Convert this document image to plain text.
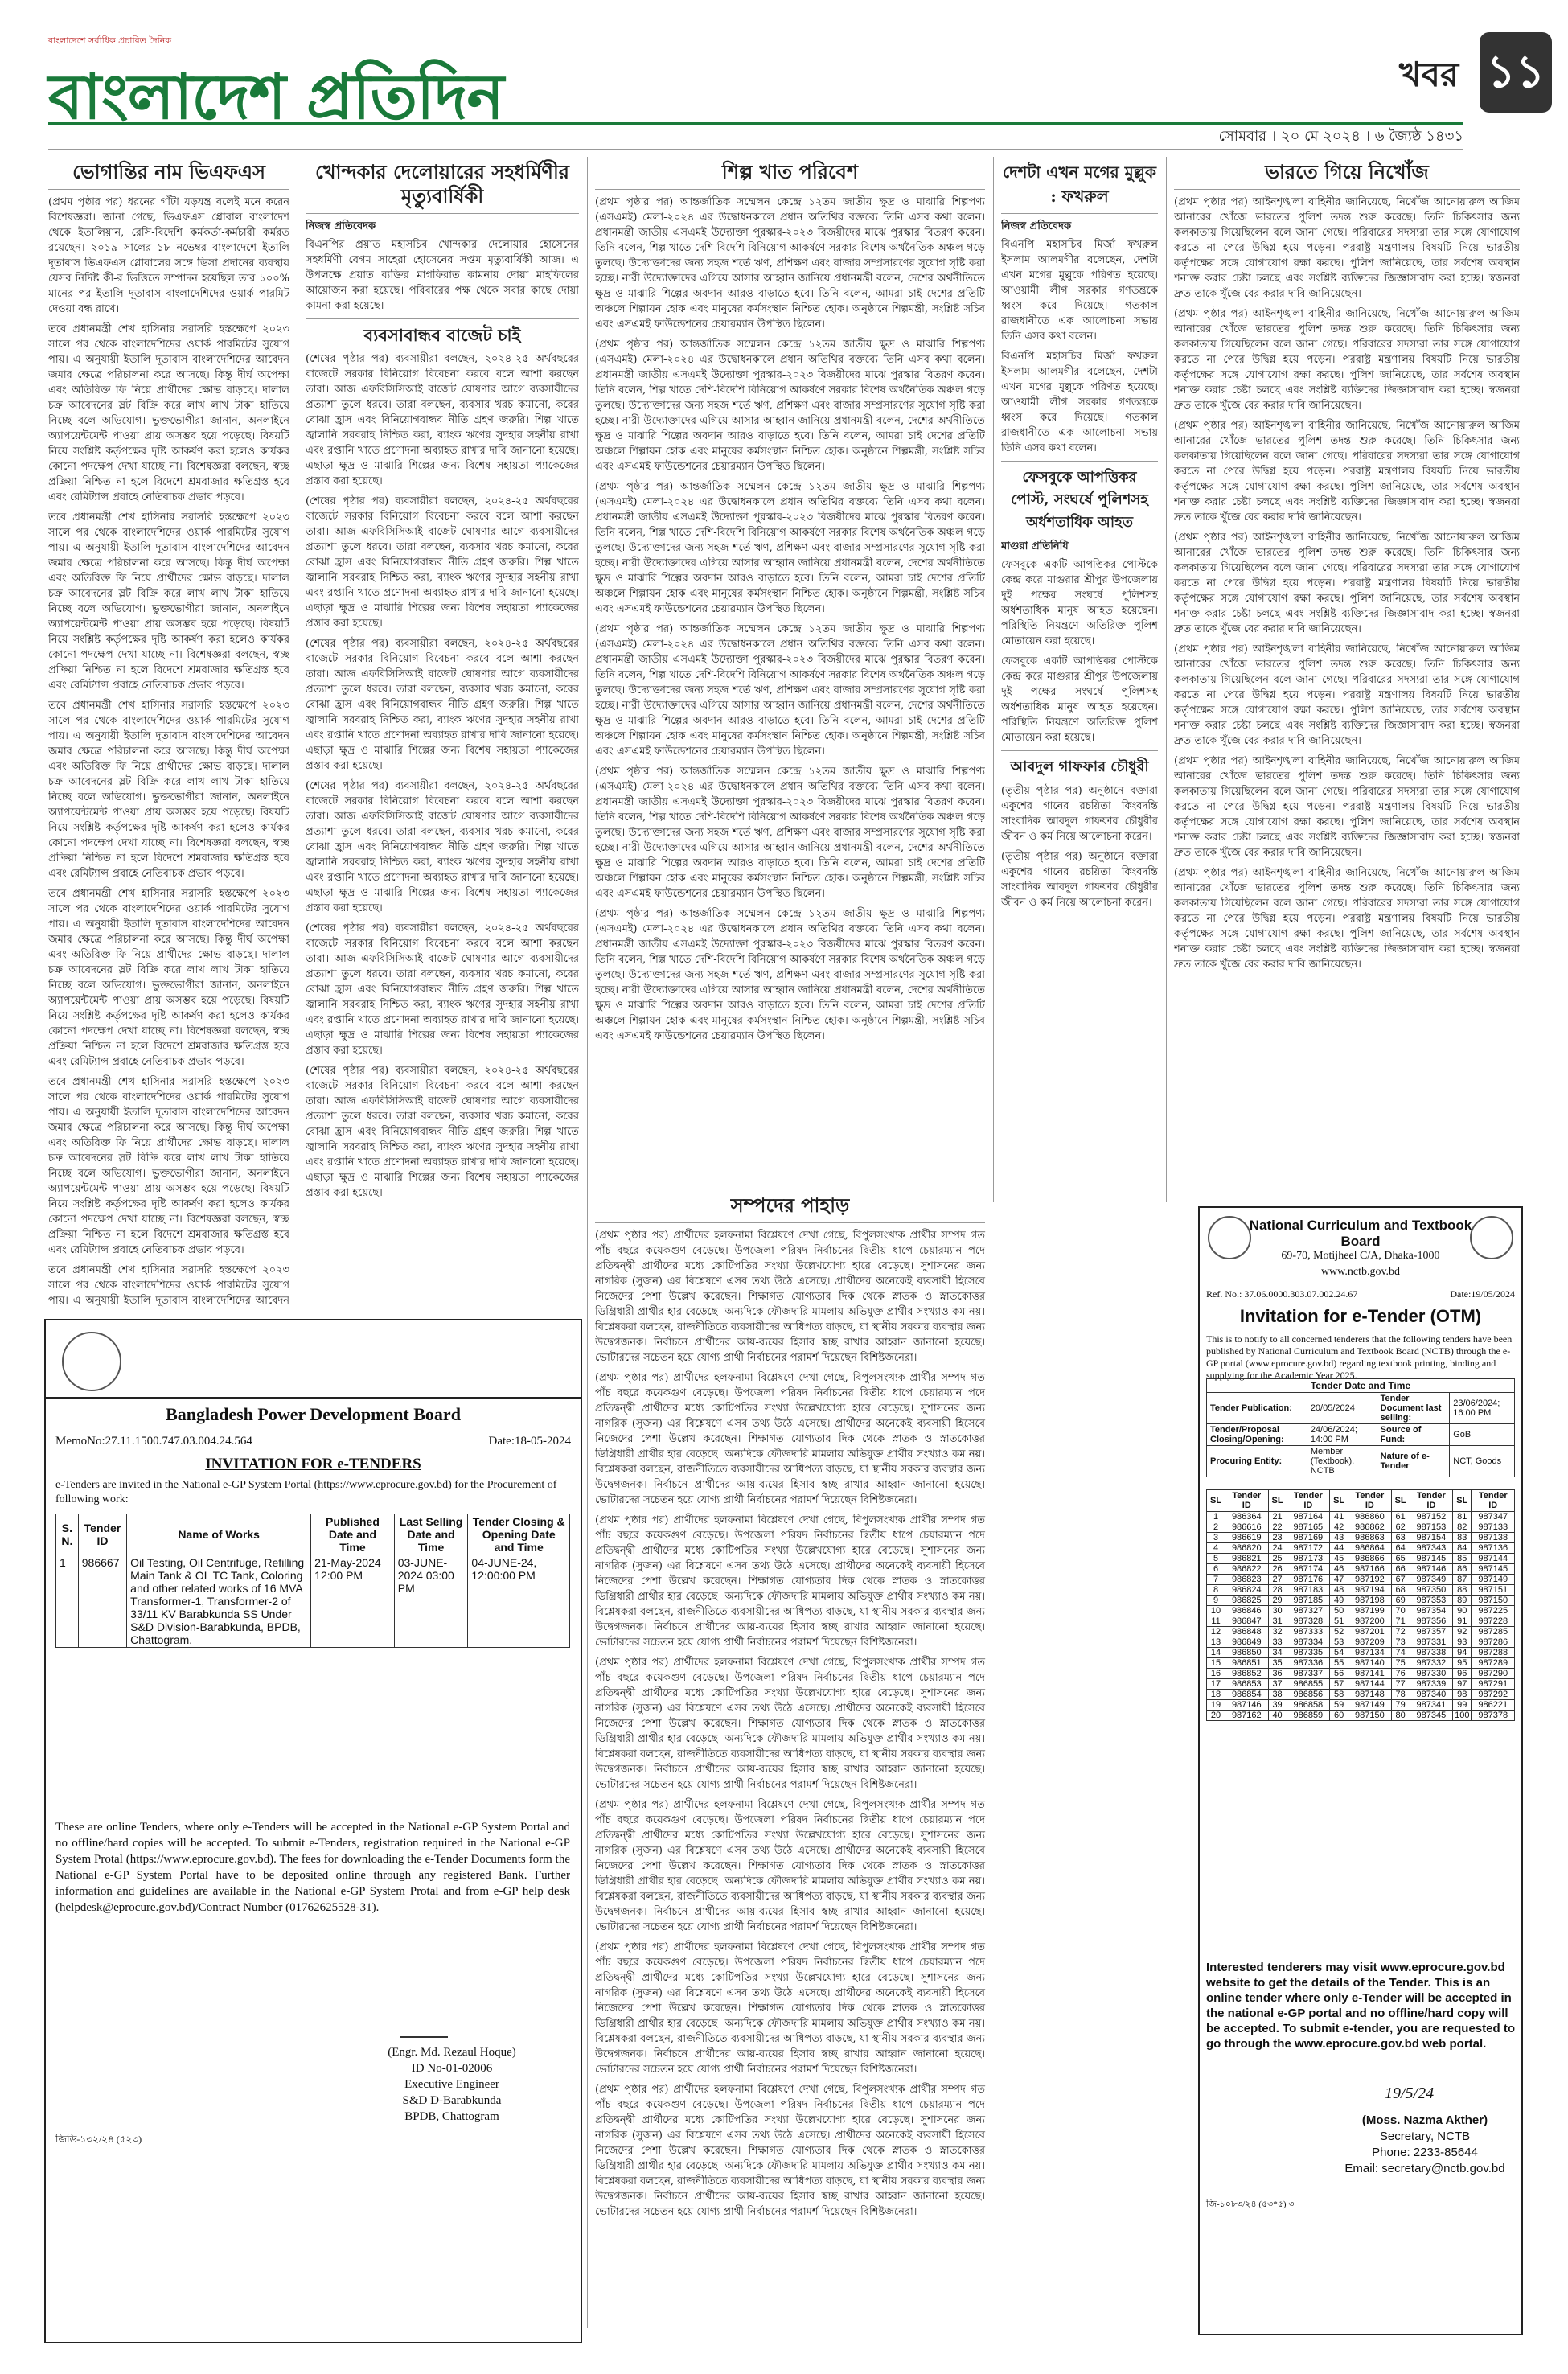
বাংলাদেশে সর্বাধিক প্রচারিত দৈনিক
বাংলাদেশ প্রতিদিন	খবর ১১
সোমবার । ২০ মে ২০২৪ । ৬ জ্যৈষ্ঠ ১৪৩১
ভোগান্তির নাম ভিএফএস

(প্রথম পৃষ্ঠার পর) ধরনের গাঁটা যড়যন্ত্র বলেই মনে করেন বিশেষজ্ঞরা। জানা গেছে, ভিএফএস গ্লোবাল বাংলাদেশ থেকে ইতালিয়ান, রেসি-বিদেশি কর্মকর্তা-কর্মচারী কর্মরত রয়েছেন। ২০১৯ সালের ১৮ নভেম্বর বাংলাদেশে ইতালি দূতাবাস ভিএফএস গ্লোবালের সঙ্গে ভিসা প্রদানের ব্যবস্থায় যেসব নির্দিষ্ট কী-র ভিত্তিতে সম্পাদন হয়েছিল তার ১০০% মানের পর ইতালি দূতাবাস বাংলাদেশিদের ওয়ার্ক পারমিট দেওয়া বন্ধ রাখে।

তবে প্রধানমন্ত্রী শেখ হাসিনার সরাসরি হস্তক্ষেপে ২০২৩ সালে পর থেকে বাংলাদেশিদের ওয়ার্ক পারমিটের সুযোগ পায়। এ অনুযায়ী ইতালি দূতাবাস বাংলাদেশিদের আবেদন জমার ক্ষেত্রে পরিচালনা করে আসছে। কিন্তু দীর্ঘ অপেক্ষা এবং অতিরিক্ত ফি নিয়ে প্রার্থীদের ক্ষোভ বাড়ছে। দালাল চক্র আবেদনের স্লট বিক্রি করে লাখ লাখ টাকা হাতিয়ে নিচ্ছে বলে অভিযোগ। ভুক্তভোগীরা জানান, অনলাইনে অ্যাপয়েন্টমেন্ট পাওয়া প্রায় অসম্ভব হয়ে পড়েছে। বিষয়টি নিয়ে সংশ্লিষ্ট কর্তৃপক্ষের দৃষ্টি আকর্ষণ করা হলেও কার্যকর কোনো পদক্ষেপ দেখা যাচ্ছে না। বিশেষজ্ঞরা বলছেন, স্বচ্ছ প্রক্রিয়া নিশ্চিত না হলে বিদেশে শ্রমবাজার ক্ষতিগ্রস্ত হবে এবং রেমিট্যান্স প্রবাহে নেতিবাচক প্রভাব পড়বে।

তবে প্রধানমন্ত্রী শেখ হাসিনার সরাসরি হস্তক্ষেপে ২০২৩ সালে পর থেকে বাংলাদেশিদের ওয়ার্ক পারমিটের সুযোগ পায়। এ অনুযায়ী ইতালি দূতাবাস বাংলাদেশিদের আবেদন জমার ক্ষেত্রে পরিচালনা করে আসছে। কিন্তু দীর্ঘ অপেক্ষা এবং অতিরিক্ত ফি নিয়ে প্রার্থীদের ক্ষোভ বাড়ছে। দালাল চক্র আবেদনের স্লট বিক্রি করে লাখ লাখ টাকা হাতিয়ে নিচ্ছে বলে অভিযোগ। ভুক্তভোগীরা জানান, অনলাইনে অ্যাপয়েন্টমেন্ট পাওয়া প্রায় অসম্ভব হয়ে পড়েছে। বিষয়টি নিয়ে সংশ্লিষ্ট কর্তৃপক্ষের দৃষ্টি আকর্ষণ করা হলেও কার্যকর কোনো পদক্ষেপ দেখা যাচ্ছে না। বিশেষজ্ঞরা বলছেন, স্বচ্ছ প্রক্রিয়া নিশ্চিত না হলে বিদেশে শ্রমবাজার ক্ষতিগ্রস্ত হবে এবং রেমিট্যান্স প্রবাহে নেতিবাচক প্রভাব পড়বে।

তবে প্রধানমন্ত্রী শেখ হাসিনার সরাসরি হস্তক্ষেপে ২০২৩ সালে পর থেকে বাংলাদেশিদের ওয়ার্ক পারমিটের সুযোগ পায়। এ অনুযায়ী ইতালি দূতাবাস বাংলাদেশিদের আবেদন জমার ক্ষেত্রে পরিচালনা করে আসছে। কিন্তু দীর্ঘ অপেক্ষা এবং অতিরিক্ত ফি নিয়ে প্রার্থীদের ক্ষোভ বাড়ছে। দালাল চক্র আবেদনের স্লট বিক্রি করে লাখ লাখ টাকা হাতিয়ে নিচ্ছে বলে অভিযোগ। ভুক্তভোগীরা জানান, অনলাইনে অ্যাপয়েন্টমেন্ট পাওয়া প্রায় অসম্ভব হয়ে পড়েছে। বিষয়টি নিয়ে সংশ্লিষ্ট কর্তৃপক্ষের দৃষ্টি আকর্ষণ করা হলেও কার্যকর কোনো পদক্ষেপ দেখা যাচ্ছে না। বিশেষজ্ঞরা বলছেন, স্বচ্ছ প্রক্রিয়া নিশ্চিত না হলে বিদেশে শ্রমবাজার ক্ষতিগ্রস্ত হবে এবং রেমিট্যান্স প্রবাহে নেতিবাচক প্রভাব পড়বে।

তবে প্রধানমন্ত্রী শেখ হাসিনার সরাসরি হস্তক্ষেপে ২০২৩ সালে পর থেকে বাংলাদেশিদের ওয়ার্ক পারমিটের সুযোগ পায়। এ অনুযায়ী ইতালি দূতাবাস বাংলাদেশিদের আবেদন জমার ক্ষেত্রে পরিচালনা করে আসছে। কিন্তু দীর্ঘ অপেক্ষা এবং অতিরিক্ত ফি নিয়ে প্রার্থীদের ক্ষোভ বাড়ছে। দালাল চক্র আবেদনের স্লট বিক্রি করে লাখ লাখ টাকা হাতিয়ে নিচ্ছে বলে অভিযোগ। ভুক্তভোগীরা জানান, অনলাইনে অ্যাপয়েন্টমেন্ট পাওয়া প্রায় অসম্ভব হয়ে পড়েছে। বিষয়টি নিয়ে সংশ্লিষ্ট কর্তৃপক্ষের দৃষ্টি আকর্ষণ করা হলেও কার্যকর কোনো পদক্ষেপ দেখা যাচ্ছে না। বিশেষজ্ঞরা বলছেন, স্বচ্ছ প্রক্রিয়া নিশ্চিত না হলে বিদেশে শ্রমবাজার ক্ষতিগ্রস্ত হবে এবং রেমিট্যান্স প্রবাহে নেতিবাচক প্রভাব পড়বে।

তবে প্রধানমন্ত্রী শেখ হাসিনার সরাসরি হস্তক্ষেপে ২০২৩ সালে পর থেকে বাংলাদেশিদের ওয়ার্ক পারমিটের সুযোগ পায়। এ অনুযায়ী ইতালি দূতাবাস বাংলাদেশিদের আবেদন জমার ক্ষেত্রে পরিচালনা করে আসছে। কিন্তু দীর্ঘ অপেক্ষা এবং অতিরিক্ত ফি নিয়ে প্রার্থীদের ক্ষোভ বাড়ছে। দালাল চক্র আবেদনের স্লট বিক্রি করে লাখ লাখ টাকা হাতিয়ে নিচ্ছে বলে অভিযোগ। ভুক্তভোগীরা জানান, অনলাইনে অ্যাপয়েন্টমেন্ট পাওয়া প্রায় অসম্ভব হয়ে পড়েছে। বিষয়টি নিয়ে সংশ্লিষ্ট কর্তৃপক্ষের দৃষ্টি আকর্ষণ করা হলেও কার্যকর কোনো পদক্ষেপ দেখা যাচ্ছে না। বিশেষজ্ঞরা বলছেন, স্বচ্ছ প্রক্রিয়া নিশ্চিত না হলে বিদেশে শ্রমবাজার ক্ষতিগ্রস্ত হবে এবং রেমিট্যান্স প্রবাহে নেতিবাচক প্রভাব পড়বে।

তবে প্রধানমন্ত্রী শেখ হাসিনার সরাসরি হস্তক্ষেপে ২০২৩ সালে পর থেকে বাংলাদেশিদের ওয়ার্ক পারমিটের সুযোগ পায়। এ অনুযায়ী ইতালি দূতাবাস বাংলাদেশিদের আবেদন

খোন্দকার দেলোয়ারের সহধর্মিণীর মৃত্যুবার্ষিকী
নিজস্ব প্রতিবেদক

বিএনপির প্রয়াত মহাসচিব খোন্দকার দেলোয়ার হোসেনের সহধর্মিণী বেগম সাহেরা হোসেনের সপ্তম মৃত্যুবার্ষিকী আজ। এ উপলক্ষে প্রয়াত ব্যক্তির মাগফিরাত কামনায় দোয়া মাহফিলের আয়োজন করা হয়েছে। পরিবারের পক্ষ থেকে সবার কাছে দোয়া কামনা করা হয়েছে।

ব্যবসাবান্ধব বাজেট চাই

(শেষের পৃষ্ঠার পর) ব্যবসায়ীরা বলছেন, ২০২৪-২৫ অর্থবছরের বাজেটে সরকার বিনিয়োগ বিবেচনা করবে বলে আশা করছেন তারা। আজ এফবিসিসিআই বাজেট ঘোষণার আগে ব্যবসায়ীদের প্রত্যাশা তুলে ধরবে। তারা বলছেন, ব্যবসার খরচ কমানো, করের বোঝা হ্রাস এবং বিনিয়োগবান্ধব নীতি গ্রহণ জরুরি। শিল্প খাতে জ্বালানি সরবরাহ নিশ্চিত করা, ব্যাংক ঋণের সুদহার সহনীয় রাখা এবং রপ্তানি খাতে প্রণোদনা অব্যাহত রাখার দাবি জানানো হয়েছে। এছাড়া ক্ষুদ্র ও মাঝারি শিল্পের জন্য বিশেষ সহায়তা প্যাকেজের প্রস্তাব করা হয়েছে।

(শেষের পৃষ্ঠার পর) ব্যবসায়ীরা বলছেন, ২০২৪-২৫ অর্থবছরের বাজেটে সরকার বিনিয়োগ বিবেচনা করবে বলে আশা করছেন তারা। আজ এফবিসিসিআই বাজেট ঘোষণার আগে ব্যবসায়ীদের প্রত্যাশা তুলে ধরবে। তারা বলছেন, ব্যবসার খরচ কমানো, করের বোঝা হ্রাস এবং বিনিয়োগবান্ধব নীতি গ্রহণ জরুরি। শিল্প খাতে জ্বালানি সরবরাহ নিশ্চিত করা, ব্যাংক ঋণের সুদহার সহনীয় রাখা এবং রপ্তানি খাতে প্রণোদনা অব্যাহত রাখার দাবি জানানো হয়েছে। এছাড়া ক্ষুদ্র ও মাঝারি শিল্পের জন্য বিশেষ সহায়তা প্যাকেজের প্রস্তাব করা হয়েছে।

(শেষের পৃষ্ঠার পর) ব্যবসায়ীরা বলছেন, ২০২৪-২৫ অর্থবছরের বাজেটে সরকার বিনিয়োগ বিবেচনা করবে বলে আশা করছেন তারা। আজ এফবিসিসিআই বাজেট ঘোষণার আগে ব্যবসায়ীদের প্রত্যাশা তুলে ধরবে। তারা বলছেন, ব্যবসার খরচ কমানো, করের বোঝা হ্রাস এবং বিনিয়োগবান্ধব নীতি গ্রহণ জরুরি। শিল্প খাতে জ্বালানি সরবরাহ নিশ্চিত করা, ব্যাংক ঋণের সুদহার সহনীয় রাখা এবং রপ্তানি খাতে প্রণোদনা অব্যাহত রাখার দাবি জানানো হয়েছে। এছাড়া ক্ষুদ্র ও মাঝারি শিল্পের জন্য বিশেষ সহায়তা প্যাকেজের প্রস্তাব করা হয়েছে।

(শেষের পৃষ্ঠার পর) ব্যবসায়ীরা বলছেন, ২০২৪-২৫ অর্থবছরের বাজেটে সরকার বিনিয়োগ বিবেচনা করবে বলে আশা করছেন তারা। আজ এফবিসিসিআই বাজেট ঘোষণার আগে ব্যবসায়ীদের প্রত্যাশা তুলে ধরবে। তারা বলছেন, ব্যবসার খরচ কমানো, করের বোঝা হ্রাস এবং বিনিয়োগবান্ধব নীতি গ্রহণ জরুরি। শিল্প খাতে জ্বালানি সরবরাহ নিশ্চিত করা, ব্যাংক ঋণের সুদহার সহনীয় রাখা এবং রপ্তানি খাতে প্রণোদনা অব্যাহত রাখার দাবি জানানো হয়েছে। এছাড়া ক্ষুদ্র ও মাঝারি শিল্পের জন্য বিশেষ সহায়তা প্যাকেজের প্রস্তাব করা হয়েছে।

(শেষের পৃষ্ঠার পর) ব্যবসায়ীরা বলছেন, ২০২৪-২৫ অর্থবছরের বাজেটে সরকার বিনিয়োগ বিবেচনা করবে বলে আশা করছেন তারা। আজ এফবিসিসিআই বাজেট ঘোষণার আগে ব্যবসায়ীদের প্রত্যাশা তুলে ধরবে। তারা বলছেন, ব্যবসার খরচ কমানো, করের বোঝা হ্রাস এবং বিনিয়োগবান্ধব নীতি গ্রহণ জরুরি। শিল্প খাতে জ্বালানি সরবরাহ নিশ্চিত করা, ব্যাংক ঋণের সুদহার সহনীয় রাখা এবং রপ্তানি খাতে প্রণোদনা অব্যাহত রাখার দাবি জানানো হয়েছে। এছাড়া ক্ষুদ্র ও মাঝারি শিল্পের জন্য বিশেষ সহায়তা প্যাকেজের প্রস্তাব করা হয়েছে।

(শেষের পৃষ্ঠার পর) ব্যবসায়ীরা বলছেন, ২০২৪-২৫ অর্থবছরের বাজেটে সরকার বিনিয়োগ বিবেচনা করবে বলে আশা করছেন তারা। আজ এফবিসিসিআই বাজেট ঘোষণার আগে ব্যবসায়ীদের প্রত্যাশা তুলে ধরবে। তারা বলছেন, ব্যবসার খরচ কমানো, করের বোঝা হ্রাস এবং বিনিয়োগবান্ধব নীতি গ্রহণ জরুরি। শিল্প খাতে জ্বালানি সরবরাহ নিশ্চিত করা, ব্যাংক ঋণের সুদহার সহনীয় রাখা এবং রপ্তানি খাতে প্রণোদনা অব্যাহত রাখার দাবি জানানো হয়েছে। এছাড়া ক্ষুদ্র ও মাঝারি শিল্পের জন্য বিশেষ সহায়তা প্যাকেজের প্রস্তাব করা হয়েছে।

শিল্প খাত পরিবেশ

(প্রথম পৃষ্ঠার পর) আন্তর্জাতিক সম্মেলন কেন্দ্রে ১২তম জাতীয় ক্ষুদ্র ও মাঝারি শিল্পপণ্য (এসএমই) মেলা-২০২৪ এর উদ্বোধনকালে প্রধান অতিথির বক্তব্যে তিনি এসব কথা বলেন। প্রধানমন্ত্রী জাতীয় এসএমই উদ্যোক্তা পুরস্কার-২০২৩ বিজয়ীদের মাঝে পুরস্কার বিতরণ করেন। তিনি বলেন, শিল্প খাতে দেশি-বিদেশি বিনিয়োগ আকর্ষণে সরকার বিশেষ অর্থনৈতিক অঞ্চল গড়ে তুলছে। উদ্যোক্তাদের জন্য সহজ শর্তে ঋণ, প্রশিক্ষণ এবং বাজার সম্প্রসারণের সুযোগ সৃষ্টি করা হচ্ছে। নারী উদ্যোক্তাদের এগিয়ে আসার আহ্বান জানিয়ে প্রধানমন্ত্রী বলেন, দেশের অর্থনীতিতে ক্ষুদ্র ও মাঝারি শিল্পের অবদান আরও বাড়াতে হবে। তিনি বলেন, আমরা চাই দেশের প্রতিটি অঞ্চলে শিল্পায়ন হোক এবং মানুষের কর্মসংস্থান নিশ্চিত হোক। অনুষ্ঠানে শিল্পমন্ত্রী, সংশ্লিষ্ট সচিব এবং এসএমই ফাউন্ডেশনের চেয়ারম্যান উপস্থিত ছিলেন।

(প্রথম পৃষ্ঠার পর) আন্তর্জাতিক সম্মেলন কেন্দ্রে ১২তম জাতীয় ক্ষুদ্র ও মাঝারি শিল্পপণ্য (এসএমই) মেলা-২০২৪ এর উদ্বোধনকালে প্রধান অতিথির বক্তব্যে তিনি এসব কথা বলেন। প্রধানমন্ত্রী জাতীয় এসএমই উদ্যোক্তা পুরস্কার-২০২৩ বিজয়ীদের মাঝে পুরস্কার বিতরণ করেন। তিনি বলেন, শিল্প খাতে দেশি-বিদেশি বিনিয়োগ আকর্ষণে সরকার বিশেষ অর্থনৈতিক অঞ্চল গড়ে তুলছে। উদ্যোক্তাদের জন্য সহজ শর্তে ঋণ, প্রশিক্ষণ এবং বাজার সম্প্রসারণের সুযোগ সৃষ্টি করা হচ্ছে। নারী উদ্যোক্তাদের এগিয়ে আসার আহ্বান জানিয়ে প্রধানমন্ত্রী বলেন, দেশের অর্থনীতিতে ক্ষুদ্র ও মাঝারি শিল্পের অবদান আরও বাড়াতে হবে। তিনি বলেন, আমরা চাই দেশের প্রতিটি অঞ্চলে শিল্পায়ন হোক এবং মানুষের কর্মসংস্থান নিশ্চিত হোক। অনুষ্ঠানে শিল্পমন্ত্রী, সংশ্লিষ্ট সচিব এবং এসএমই ফাউন্ডেশনের চেয়ারম্যান উপস্থিত ছিলেন।

(প্রথম পৃষ্ঠার পর) আন্তর্জাতিক সম্মেলন কেন্দ্রে ১২তম জাতীয় ক্ষুদ্র ও মাঝারি শিল্পপণ্য (এসএমই) মেলা-২০২৪ এর উদ্বোধনকালে প্রধান অতিথির বক্তব্যে তিনি এসব কথা বলেন। প্রধানমন্ত্রী জাতীয় এসএমই উদ্যোক্তা পুরস্কার-২০২৩ বিজয়ীদের মাঝে পুরস্কার বিতরণ করেন। তিনি বলেন, শিল্প খাতে দেশি-বিদেশি বিনিয়োগ আকর্ষণে সরকার বিশেষ অর্থনৈতিক অঞ্চল গড়ে তুলছে। উদ্যোক্তাদের জন্য সহজ শর্তে ঋণ, প্রশিক্ষণ এবং বাজার সম্প্রসারণের সুযোগ সৃষ্টি করা হচ্ছে। নারী উদ্যোক্তাদের এগিয়ে আসার আহ্বান জানিয়ে প্রধানমন্ত্রী বলেন, দেশের অর্থনীতিতে ক্ষুদ্র ও মাঝারি শিল্পের অবদান আরও বাড়াতে হবে। তিনি বলেন, আমরা চাই দেশের প্রতিটি অঞ্চলে শিল্পায়ন হোক এবং মানুষের কর্মসংস্থান নিশ্চিত হোক। অনুষ্ঠানে শিল্পমন্ত্রী, সংশ্লিষ্ট সচিব এবং এসএমই ফাউন্ডেশনের চেয়ারম্যান উপস্থিত ছিলেন।

(প্রথম পৃষ্ঠার পর) আন্তর্জাতিক সম্মেলন কেন্দ্রে ১২তম জাতীয় ক্ষুদ্র ও মাঝারি শিল্পপণ্য (এসএমই) মেলা-২০২৪ এর উদ্বোধনকালে প্রধান অতিথির বক্তব্যে তিনি এসব কথা বলেন। প্রধানমন্ত্রী জাতীয় এসএমই উদ্যোক্তা পুরস্কার-২০২৩ বিজয়ীদের মাঝে পুরস্কার বিতরণ করেন। তিনি বলেন, শিল্প খাতে দেশি-বিদেশি বিনিয়োগ আকর্ষণে সরকার বিশেষ অর্থনৈতিক অঞ্চল গড়ে তুলছে। উদ্যোক্তাদের জন্য সহজ শর্তে ঋণ, প্রশিক্ষণ এবং বাজার সম্প্রসারণের সুযোগ সৃষ্টি করা হচ্ছে। নারী উদ্যোক্তাদের এগিয়ে আসার আহ্বান জানিয়ে প্রধানমন্ত্রী বলেন, দেশের অর্থনীতিতে ক্ষুদ্র ও মাঝারি শিল্পের অবদান আরও বাড়াতে হবে। তিনি বলেন, আমরা চাই দেশের প্রতিটি অঞ্চলে শিল্পায়ন হোক এবং মানুষের কর্মসংস্থান নিশ্চিত হোক। অনুষ্ঠানে শিল্পমন্ত্রী, সংশ্লিষ্ট সচিব এবং এসএমই ফাউন্ডেশনের চেয়ারম্যান উপস্থিত ছিলেন।

(প্রথম পৃষ্ঠার পর) আন্তর্জাতিক সম্মেলন কেন্দ্রে ১২তম জাতীয় ক্ষুদ্র ও মাঝারি শিল্পপণ্য (এসএমই) মেলা-২০২৪ এর উদ্বোধনকালে প্রধান অতিথির বক্তব্যে তিনি এসব কথা বলেন। প্রধানমন্ত্রী জাতীয় এসএমই উদ্যোক্তা পুরস্কার-২০২৩ বিজয়ীদের মাঝে পুরস্কার বিতরণ করেন। তিনি বলেন, শিল্প খাতে দেশি-বিদেশি বিনিয়োগ আকর্ষণে সরকার বিশেষ অর্থনৈতিক অঞ্চল গড়ে তুলছে। উদ্যোক্তাদের জন্য সহজ শর্তে ঋণ, প্রশিক্ষণ এবং বাজার সম্প্রসারণের সুযোগ সৃষ্টি করা হচ্ছে। নারী উদ্যোক্তাদের এগিয়ে আসার আহ্বান জানিয়ে প্রধানমন্ত্রী বলেন, দেশের অর্থনীতিতে ক্ষুদ্র ও মাঝারি শিল্পের অবদান আরও বাড়াতে হবে। তিনি বলেন, আমরা চাই দেশের প্রতিটি অঞ্চলে শিল্পায়ন হোক এবং মানুষের কর্মসংস্থান নিশ্চিত হোক। অনুষ্ঠানে শিল্পমন্ত্রী, সংশ্লিষ্ট সচিব এবং এসএমই ফাউন্ডেশনের চেয়ারম্যান উপস্থিত ছিলেন।

(প্রথম পৃষ্ঠার পর) আন্তর্জাতিক সম্মেলন কেন্দ্রে ১২তম জাতীয় ক্ষুদ্র ও মাঝারি শিল্পপণ্য (এসএমই) মেলা-২০২৪ এর উদ্বোধনকালে প্রধান অতিথির বক্তব্যে তিনি এসব কথা বলেন। প্রধানমন্ত্রী জাতীয় এসএমই উদ্যোক্তা পুরস্কার-২০২৩ বিজয়ীদের মাঝে পুরস্কার বিতরণ করেন। তিনি বলেন, শিল্প খাতে দেশি-বিদেশি বিনিয়োগ আকর্ষণে সরকার বিশেষ অর্থনৈতিক অঞ্চল গড়ে তুলছে। উদ্যোক্তাদের জন্য সহজ শর্তে ঋণ, প্রশিক্ষণ এবং বাজার সম্প্রসারণের সুযোগ সৃষ্টি করা হচ্ছে। নারী উদ্যোক্তাদের এগিয়ে আসার আহ্বান জানিয়ে প্রধানমন্ত্রী বলেন, দেশের অর্থনীতিতে ক্ষুদ্র ও মাঝারি শিল্পের অবদান আরও বাড়াতে হবে। তিনি বলেন, আমরা চাই দেশের প্রতিটি অঞ্চলে শিল্পায়ন হোক এবং মানুষের কর্মসংস্থান নিশ্চিত হোক। অনুষ্ঠানে শিল্পমন্ত্রী, সংশ্লিষ্ট সচিব এবং এসএমই ফাউন্ডেশনের চেয়ারম্যান উপস্থিত ছিলেন।

সম্পদের পাহাড়

(প্রথম পৃষ্ঠার পর) প্রার্থীদের হলফনামা বিশ্লেষণে দেখা গেছে, বিপুলসংখ্যক প্রার্থীর সম্পদ গত পাঁচ বছরে কয়েকগুণ বেড়েছে। উপজেলা পরিষদ নির্বাচনের দ্বিতীয় ধাপে চেয়ারম্যান পদে প্রতিদ্বন্দ্বী প্রার্থীদের মধ্যে কোটিপতির সংখ্যা উল্লেখযোগ্য হারে বেড়েছে। সুশাসনের জন্য নাগরিক (সুজন) এর বিশ্লেষণে এসব তথ্য উঠে এসেছে। প্রার্থীদের অনেকেই ব্যবসায়ী হিসেবে নিজেদের পেশা উল্লেখ করেছেন। শিক্ষাগত যোগ্যতার দিক থেকে স্নাতক ও স্নাতকোত্তর ডিগ্রিধারী প্রার্থীর হার বেড়েছে। অন্যদিকে ফৌজদারি মামলায় অভিযুক্ত প্রার্থীর সংখ্যাও কম নয়। বিশ্লেষকরা বলছেন, রাজনীতিতে ব্যবসায়ীদের আধিপত্য বাড়ছে, যা স্থানীয় সরকার ব্যবস্থার জন্য উদ্বেগজনক। নির্বাচনে প্রার্থীদের আয়-ব্যয়ের হিসাব স্বচ্ছ রাখার আহ্বান জানানো হয়েছে। ভোটারদের সচেতন হয়ে যোগ্য প্রার্থী নির্বাচনের পরামর্শ দিয়েছেন বিশিষ্টজনেরা।

(প্রথম পৃষ্ঠার পর) প্রার্থীদের হলফনামা বিশ্লেষণে দেখা গেছে, বিপুলসংখ্যক প্রার্থীর সম্পদ গত পাঁচ বছরে কয়েকগুণ বেড়েছে। উপজেলা পরিষদ নির্বাচনের দ্বিতীয় ধাপে চেয়ারম্যান পদে প্রতিদ্বন্দ্বী প্রার্থীদের মধ্যে কোটিপতির সংখ্যা উল্লেখযোগ্য হারে বেড়েছে। সুশাসনের জন্য নাগরিক (সুজন) এর বিশ্লেষণে এসব তথ্য উঠে এসেছে। প্রার্থীদের অনেকেই ব্যবসায়ী হিসেবে নিজেদের পেশা উল্লেখ করেছেন। শিক্ষাগত যোগ্যতার দিক থেকে স্নাতক ও স্নাতকোত্তর ডিগ্রিধারী প্রার্থীর হার বেড়েছে। অন্যদিকে ফৌজদারি মামলায় অভিযুক্ত প্রার্থীর সংখ্যাও কম নয়। বিশ্লেষকরা বলছেন, রাজনীতিতে ব্যবসায়ীদের আধিপত্য বাড়ছে, যা স্থানীয় সরকার ব্যবস্থার জন্য উদ্বেগজনক। নির্বাচনে প্রার্থীদের আয়-ব্যয়ের হিসাব স্বচ্ছ রাখার আহ্বান জানানো হয়েছে। ভোটারদের সচেতন হয়ে যোগ্য প্রার্থী নির্বাচনের পরামর্শ দিয়েছেন বিশিষ্টজনেরা।

(প্রথম পৃষ্ঠার পর) প্রার্থীদের হলফনামা বিশ্লেষণে দেখা গেছে, বিপুলসংখ্যক প্রার্থীর সম্পদ গত পাঁচ বছরে কয়েকগুণ বেড়েছে। উপজেলা পরিষদ নির্বাচনের দ্বিতীয় ধাপে চেয়ারম্যান পদে প্রতিদ্বন্দ্বী প্রার্থীদের মধ্যে কোটিপতির সংখ্যা উল্লেখযোগ্য হারে বেড়েছে। সুশাসনের জন্য নাগরিক (সুজন) এর বিশ্লেষণে এসব তথ্য উঠে এসেছে। প্রার্থীদের অনেকেই ব্যবসায়ী হিসেবে নিজেদের পেশা উল্লেখ করেছেন। শিক্ষাগত যোগ্যতার দিক থেকে স্নাতক ও স্নাতকোত্তর ডিগ্রিধারী প্রার্থীর হার বেড়েছে। অন্যদিকে ফৌজদারি মামলায় অভিযুক্ত প্রার্থীর সংখ্যাও কম নয়। বিশ্লেষকরা বলছেন, রাজনীতিতে ব্যবসায়ীদের আধিপত্য বাড়ছে, যা স্থানীয় সরকার ব্যবস্থার জন্য উদ্বেগজনক। নির্বাচনে প্রার্থীদের আয়-ব্যয়ের হিসাব স্বচ্ছ রাখার আহ্বান জানানো হয়েছে। ভোটারদের সচেতন হয়ে যোগ্য প্রার্থী নির্বাচনের পরামর্শ দিয়েছেন বিশিষ্টজনেরা।

(প্রথম পৃষ্ঠার পর) প্রার্থীদের হলফনামা বিশ্লেষণে দেখা গেছে, বিপুলসংখ্যক প্রার্থীর সম্পদ গত পাঁচ বছরে কয়েকগুণ বেড়েছে। উপজেলা পরিষদ নির্বাচনের দ্বিতীয় ধাপে চেয়ারম্যান পদে প্রতিদ্বন্দ্বী প্রার্থীদের মধ্যে কোটিপতির সংখ্যা উল্লেখযোগ্য হারে বেড়েছে। সুশাসনের জন্য নাগরিক (সুজন) এর বিশ্লেষণে এসব তথ্য উঠে এসেছে। প্রার্থীদের অনেকেই ব্যবসায়ী হিসেবে নিজেদের পেশা উল্লেখ করেছেন। শিক্ষাগত যোগ্যতার দিক থেকে স্নাতক ও স্নাতকোত্তর ডিগ্রিধারী প্রার্থীর হার বেড়েছে। অন্যদিকে ফৌজদারি মামলায় অভিযুক্ত প্রার্থীর সংখ্যাও কম নয়। বিশ্লেষকরা বলছেন, রাজনীতিতে ব্যবসায়ীদের আধিপত্য বাড়ছে, যা স্থানীয় সরকার ব্যবস্থার জন্য উদ্বেগজনক। নির্বাচনে প্রার্থীদের আয়-ব্যয়ের হিসাব স্বচ্ছ রাখার আহ্বান জানানো হয়েছে। ভোটারদের সচেতন হয়ে যোগ্য প্রার্থী নির্বাচনের পরামর্শ দিয়েছেন বিশিষ্টজনেরা।

(প্রথম পৃষ্ঠার পর) প্রার্থীদের হলফনামা বিশ্লেষণে দেখা গেছে, বিপুলসংখ্যক প্রার্থীর সম্পদ গত পাঁচ বছরে কয়েকগুণ বেড়েছে। উপজেলা পরিষদ নির্বাচনের দ্বিতীয় ধাপে চেয়ারম্যান পদে প্রতিদ্বন্দ্বী প্রার্থীদের মধ্যে কোটিপতির সংখ্যা উল্লেখযোগ্য হারে বেড়েছে। সুশাসনের জন্য নাগরিক (সুজন) এর বিশ্লেষণে এসব তথ্য উঠে এসেছে। প্রার্থীদের অনেকেই ব্যবসায়ী হিসেবে নিজেদের পেশা উল্লেখ করেছেন। শিক্ষাগত যোগ্যতার দিক থেকে স্নাতক ও স্নাতকোত্তর ডিগ্রিধারী প্রার্থীর হার বেড়েছে। অন্যদিকে ফৌজদারি মামলায় অভিযুক্ত প্রার্থীর সংখ্যাও কম নয়। বিশ্লেষকরা বলছেন, রাজনীতিতে ব্যবসায়ীদের আধিপত্য বাড়ছে, যা স্থানীয় সরকার ব্যবস্থার জন্য উদ্বেগজনক। নির্বাচনে প্রার্থীদের আয়-ব্যয়ের হিসাব স্বচ্ছ রাখার আহ্বান জানানো হয়েছে। ভোটারদের সচেতন হয়ে যোগ্য প্রার্থী নির্বাচনের পরামর্শ দিয়েছেন বিশিষ্টজনেরা।

(প্রথম পৃষ্ঠার পর) প্রার্থীদের হলফনামা বিশ্লেষণে দেখা গেছে, বিপুলসংখ্যক প্রার্থীর সম্পদ গত পাঁচ বছরে কয়েকগুণ বেড়েছে। উপজেলা পরিষদ নির্বাচনের দ্বিতীয় ধাপে চেয়ারম্যান পদে প্রতিদ্বন্দ্বী প্রার্থীদের মধ্যে কোটিপতির সংখ্যা উল্লেখযোগ্য হারে বেড়েছে। সুশাসনের জন্য নাগরিক (সুজন) এর বিশ্লেষণে এসব তথ্য উঠে এসেছে। প্রার্থীদের অনেকেই ব্যবসায়ী হিসেবে নিজেদের পেশা উল্লেখ করেছেন। শিক্ষাগত যোগ্যতার দিক থেকে স্নাতক ও স্নাতকোত্তর ডিগ্রিধারী প্রার্থীর হার বেড়েছে। অন্যদিকে ফৌজদারি মামলায় অভিযুক্ত প্রার্থীর সংখ্যাও কম নয়। বিশ্লেষকরা বলছেন, রাজনীতিতে ব্যবসায়ীদের আধিপত্য বাড়ছে, যা স্থানীয় সরকার ব্যবস্থার জন্য উদ্বেগজনক। নির্বাচনে প্রার্থীদের আয়-ব্যয়ের হিসাব স্বচ্ছ রাখার আহ্বান জানানো হয়েছে। ভোটারদের সচেতন হয়ে যোগ্য প্রার্থী নির্বাচনের পরামর্শ দিয়েছেন বিশিষ্টজনেরা।

(প্রথম পৃষ্ঠার পর) প্রার্থীদের হলফনামা বিশ্লেষণে দেখা গেছে, বিপুলসংখ্যক প্রার্থীর সম্পদ গত পাঁচ বছরে কয়েকগুণ বেড়েছে। উপজেলা পরিষদ নির্বাচনের দ্বিতীয় ধাপে চেয়ারম্যান পদে প্রতিদ্বন্দ্বী প্রার্থীদের মধ্যে কোটিপতির সংখ্যা উল্লেখযোগ্য হারে বেড়েছে। সুশাসনের জন্য নাগরিক (সুজন) এর বিশ্লেষণে এসব তথ্য উঠে এসেছে। প্রার্থীদের অনেকেই ব্যবসায়ী হিসেবে নিজেদের পেশা উল্লেখ করেছেন। শিক্ষাগত যোগ্যতার দিক থেকে স্নাতক ও স্নাতকোত্তর ডিগ্রিধারী প্রার্থীর হার বেড়েছে। অন্যদিকে ফৌজদারি মামলায় অভিযুক্ত প্রার্থীর সংখ্যাও কম নয়। বিশ্লেষকরা বলছেন, রাজনীতিতে ব্যবসায়ীদের আধিপত্য বাড়ছে, যা স্থানীয় সরকার ব্যবস্থার জন্য উদ্বেগজনক। নির্বাচনে প্রার্থীদের আয়-ব্যয়ের হিসাব স্বচ্ছ রাখার আহ্বান জানানো হয়েছে। ভোটারদের সচেতন হয়ে যোগ্য প্রার্থী নির্বাচনের পরামর্শ দিয়েছেন বিশিষ্টজনেরা।

দেশটা এখন মগের মুল্লুক : ফখরুল
নিজস্ব প্রতিবেদক

বিএনপি মহাসচিব মির্জা ফখরুল ইসলাম আলমগীর বলেছেন, দেশটা এখন মগের মুল্লুকে পরিণত হয়েছে। আওয়ামী লীগ সরকার গণতন্ত্রকে ধ্বংস করে দিয়েছে। গতকাল রাজধানীতে এক আলোচনা সভায় তিনি এসব কথা বলেন।

বিএনপি মহাসচিব মির্জা ফখরুল ইসলাম আলমগীর বলেছেন, দেশটা এখন মগের মুল্লুকে পরিণত হয়েছে। আওয়ামী লীগ সরকার গণতন্ত্রকে ধ্বংস করে দিয়েছে। গতকাল রাজধানীতে এক আলোচনা সভায় তিনি এসব কথা বলেন।

ফেসবুকে আপত্তিকর পোস্ট, সংঘর্ষে পুলিশসহ অর্ধশতাধিক আহত
মাগুরা প্রতিনিধি

ফেসবুকে একটি আপত্তিকর পোস্টকে কেন্দ্র করে মাগুরার শ্রীপুর উপজেলায় দুই পক্ষের সংঘর্ষে পুলিশসহ অর্ধশতাধিক মানুষ আহত হয়েছেন। পরিস্থিতি নিয়ন্ত্রণে অতিরিক্ত পুলিশ মোতায়েন করা হয়েছে।

ফেসবুকে একটি আপত্তিকর পোস্টকে কেন্দ্র করে মাগুরার শ্রীপুর উপজেলায় দুই পক্ষের সংঘর্ষে পুলিশসহ অর্ধশতাধিক মানুষ আহত হয়েছেন। পরিস্থিতি নিয়ন্ত্রণে অতিরিক্ত পুলিশ মোতায়েন করা হয়েছে।

আবদুল গাফফার চৌধুরী

(তৃতীয় পৃষ্ঠার পর) অনুষ্ঠানে বক্তারা একুশের গানের রচয়িতা কিংবদন্তি সাংবাদিক আবদুল গাফফার চৌধুরীর জীবন ও কর্ম নিয়ে আলোচনা করেন।

(তৃতীয় পৃষ্ঠার পর) অনুষ্ঠানে বক্তারা একুশের গানের রচয়িতা কিংবদন্তি সাংবাদিক আবদুল গাফফার চৌধুরীর জীবন ও কর্ম নিয়ে আলোচনা করেন।

ভারতে গিয়ে নিখোঁজ

(প্রথম পৃষ্ঠার পর) আইনশৃঙ্খলা বাহিনীর জানিয়েছে, নিখোঁজ আনোয়ারুল আজিম আনারের খোঁজে ভারতের পুলিশ তদন্ত শুরু করেছে। তিনি চিকিৎসার জন্য কলকাতায় গিয়েছিলেন বলে জানা গেছে। পরিবারের সদস্যরা তার সঙ্গে যোগাযোগ করতে না পেরে উদ্বিগ্ন হয়ে পড়েন। পররাষ্ট্র মন্ত্রণালয় বিষয়টি নিয়ে ভারতীয় কর্তৃপক্ষের সঙ্গে যোগাযোগ রক্ষা করছে। পুলিশ জানিয়েছে, তার সর্বশেষ অবস্থান শনাক্ত করার চেষ্টা চলছে এবং সংশ্লিষ্ট ব্যক্তিদের জিজ্ঞাসাবাদ করা হচ্ছে। স্বজনরা দ্রুত তাকে খুঁজে বের করার দাবি জানিয়েছেন।

(প্রথম পৃষ্ঠার পর) আইনশৃঙ্খলা বাহিনীর জানিয়েছে, নিখোঁজ আনোয়ারুল আজিম আনারের খোঁজে ভারতের পুলিশ তদন্ত শুরু করেছে। তিনি চিকিৎসার জন্য কলকাতায় গিয়েছিলেন বলে জানা গেছে। পরিবারের সদস্যরা তার সঙ্গে যোগাযোগ করতে না পেরে উদ্বিগ্ন হয়ে পড়েন। পররাষ্ট্র মন্ত্রণালয় বিষয়টি নিয়ে ভারতীয় কর্তৃপক্ষের সঙ্গে যোগাযোগ রক্ষা করছে। পুলিশ জানিয়েছে, তার সর্বশেষ অবস্থান শনাক্ত করার চেষ্টা চলছে এবং সংশ্লিষ্ট ব্যক্তিদের জিজ্ঞাসাবাদ করা হচ্ছে। স্বজনরা দ্রুত তাকে খুঁজে বের করার দাবি জানিয়েছেন।

(প্রথম পৃষ্ঠার পর) আইনশৃঙ্খলা বাহিনীর জানিয়েছে, নিখোঁজ আনোয়ারুল আজিম আনারের খোঁজে ভারতের পুলিশ তদন্ত শুরু করেছে। তিনি চিকিৎসার জন্য কলকাতায় গিয়েছিলেন বলে জানা গেছে। পরিবারের সদস্যরা তার সঙ্গে যোগাযোগ করতে না পেরে উদ্বিগ্ন হয়ে পড়েন। পররাষ্ট্র মন্ত্রণালয় বিষয়টি নিয়ে ভারতীয় কর্তৃপক্ষের সঙ্গে যোগাযোগ রক্ষা করছে। পুলিশ জানিয়েছে, তার সর্বশেষ অবস্থান শনাক্ত করার চেষ্টা চলছে এবং সংশ্লিষ্ট ব্যক্তিদের জিজ্ঞাসাবাদ করা হচ্ছে। স্বজনরা দ্রুত তাকে খুঁজে বের করার দাবি জানিয়েছেন।

(প্রথম পৃষ্ঠার পর) আইনশৃঙ্খলা বাহিনীর জানিয়েছে, নিখোঁজ আনোয়ারুল আজিম আনারের খোঁজে ভারতের পুলিশ তদন্ত শুরু করেছে। তিনি চিকিৎসার জন্য কলকাতায় গিয়েছিলেন বলে জানা গেছে। পরিবারের সদস্যরা তার সঙ্গে যোগাযোগ করতে না পেরে উদ্বিগ্ন হয়ে পড়েন। পররাষ্ট্র মন্ত্রণালয় বিষয়টি নিয়ে ভারতীয় কর্তৃপক্ষের সঙ্গে যোগাযোগ রক্ষা করছে। পুলিশ জানিয়েছে, তার সর্বশেষ অবস্থান শনাক্ত করার চেষ্টা চলছে এবং সংশ্লিষ্ট ব্যক্তিদের জিজ্ঞাসাবাদ করা হচ্ছে। স্বজনরা দ্রুত তাকে খুঁজে বের করার দাবি জানিয়েছেন।

(প্রথম পৃষ্ঠার পর) আইনশৃঙ্খলা বাহিনীর জানিয়েছে, নিখোঁজ আনোয়ারুল আজিম আনারের খোঁজে ভারতের পুলিশ তদন্ত শুরু করেছে। তিনি চিকিৎসার জন্য কলকাতায় গিয়েছিলেন বলে জানা গেছে। পরিবারের সদস্যরা তার সঙ্গে যোগাযোগ করতে না পেরে উদ্বিগ্ন হয়ে পড়েন। পররাষ্ট্র মন্ত্রণালয় বিষয়টি নিয়ে ভারতীয় কর্তৃপক্ষের সঙ্গে যোগাযোগ রক্ষা করছে। পুলিশ জানিয়েছে, তার সর্বশেষ অবস্থান শনাক্ত করার চেষ্টা চলছে এবং সংশ্লিষ্ট ব্যক্তিদের জিজ্ঞাসাবাদ করা হচ্ছে। স্বজনরা দ্রুত তাকে খুঁজে বের করার দাবি জানিয়েছেন।

(প্রথম পৃষ্ঠার পর) আইনশৃঙ্খলা বাহিনীর জানিয়েছে, নিখোঁজ আনোয়ারুল আজিম আনারের খোঁজে ভারতের পুলিশ তদন্ত শুরু করেছে। তিনি চিকিৎসার জন্য কলকাতায় গিয়েছিলেন বলে জানা গেছে। পরিবারের সদস্যরা তার সঙ্গে যোগাযোগ করতে না পেরে উদ্বিগ্ন হয়ে পড়েন। পররাষ্ট্র মন্ত্রণালয় বিষয়টি নিয়ে ভারতীয় কর্তৃপক্ষের সঙ্গে যোগাযোগ রক্ষা করছে। পুলিশ জানিয়েছে, তার সর্বশেষ অবস্থান শনাক্ত করার চেষ্টা চলছে এবং সংশ্লিষ্ট ব্যক্তিদের জিজ্ঞাসাবাদ করা হচ্ছে। স্বজনরা দ্রুত তাকে খুঁজে বের করার দাবি জানিয়েছেন।

(প্রথম পৃষ্ঠার পর) আইনশৃঙ্খলা বাহিনীর জানিয়েছে, নিখোঁজ আনোয়ারুল আজিম আনারের খোঁজে ভারতের পুলিশ তদন্ত শুরু করেছে। তিনি চিকিৎসার জন্য কলকাতায় গিয়েছিলেন বলে জানা গেছে। পরিবারের সদস্যরা তার সঙ্গে যোগাযোগ করতে না পেরে উদ্বিগ্ন হয়ে পড়েন। পররাষ্ট্র মন্ত্রণালয় বিষয়টি নিয়ে ভারতীয় কর্তৃপক্ষের সঙ্গে যোগাযোগ রক্ষা করছে। পুলিশ জানিয়েছে, তার সর্বশেষ অবস্থান শনাক্ত করার চেষ্টা চলছে এবং সংশ্লিষ্ট ব্যক্তিদের জিজ্ঞাসাবাদ করা হচ্ছে। স্বজনরা দ্রুত তাকে খুঁজে বের করার দাবি জানিয়েছেন।

Bangladesh Power Development Board
MemoNo:27.11.1500.747.03.004.24.564	Date:18-05-2024
INVITATION FOR e-TENDERS
e-Tenders are invited in the National e-GP System Portal (https://www.eprocure.gov.bd) for the Procurement of following work:
S. N.	Tender ID	Name of Works	Published Date and Time	Last Selling Date and Time	Tender Closing & Opening Date and Time
1	986667	Oil Testing, Oil Centrifuge, Refilling Main Tank & OL TC Tank, Coloring and other related works of 16 MVA Transformer-1, Transformer-2 of 33/11 KV Barabkunda SS Under S&D Division-Barabkunda, BPDB, Chattogram.	21-May-2024 12:00 PM	03-JUNE-2024 03:00 PM	04-JUNE-24, 12:00:00 PM
These are online Tenders, where only e-Tenders will be accepted in the National e-GP System Portal and no offline/hard copies will be accepted. To submit e-Tenders, registration required in the National e-GP System Protal (https://www.eprocure.gov.bd). The fees for downloading the e-Tender Documents form the National e-GP System Portal have to be deposited online through any registered Bank. Further information and guidelines are available in the National e-GP System Protal and from e-GP help desk (helpdesk@eprocure.gov.bd)/Contract Number (01762625528-31).
(Engr. Md. Rezaul Hoque)
ID No-01-02006
Executive Engineer
S&D D-Barabkunda
BPDB, Chattogram
জিডি-১৩২/২৪ (৫২৩)
National Curriculum and Textbook Board
69-70, Motijheel C/A, Dhaka-1000
www.nctb.gov.bd
Ref. No.: 37.06.0000.303.07.002.24.67	Date:19/05/2024
Invitation for e-Tender (OTM)
This is to notify to all concerned tenderers that the following tenders have been published by National Curriculum and Textbook Board (NCTB) through the e-GP portal (www.eprocure.gov.bd) regarding textbook printing, binding and supplying for the Academic Year 2025.
Tender Date and Time			
Tender Publication:	20/05/2024	Tender Document last selling:	23/06/2024; 16:00 PM
Tender/Proposal Closing/Opening:	24/06/2024; 14:00 PM	Source of Fund:	GoB
Procuring Entity:	Member (Textbook), NCTB	Nature of e-Tender	NCT, Goods
SL	Tender ID	SL	Tender ID	SL	Tender ID	SL	Tender ID	SL	Tender ID
1	986364	21	987164	41	986860	61	987152	81	987347
2	986616	22	987165	42	986862	62	987153	82	987133
3	986619	23	987169	43	986863	63	987154	83	987138
4	986820	24	987172	44	986864	64	987343	84	987136
5	986821	25	987173	45	986866	65	987145	85	987144
6	986822	26	987174	46	987166	66	987146	86	987145
7	986823	27	987176	47	987192	67	987349	87	987149
8	986824	28	987183	48	987194	68	987350	88	987151
9	986825	29	987185	49	987198	69	987353	89	987150
10	986846	30	987327	50	987199	70	987354	90	987225
11	986847	31	987328	51	987200	71	987356	91	987228
12	986848	32	987333	52	987201	72	987357	92	987285
13	986849	33	987334	53	987209	73	987331	93	987286
14	986850	34	987335	54	987134	74	987338	94	987288
15	986851	35	987336	55	987140	75	987332	95	987289
16	986852	36	987337	56	987141	76	987330	96	987290
17	986853	37	986855	57	987144	77	987339	97	987291
18	986854	38	986856	58	987148	78	987340	98	987292
19	987146	39	986858	59	987149	79	987341	99	986221
20	987162	40	986859	60	987150	80	987345	100	987378
Interested tenderers may visit www.eprocure.gov.bd website to get the details of the Tender. This is an online tender where only e-Tender will be accepted in the national e-GP portal and no offline/hard copy will be accepted. To submit e-tender, you are requested to go through the www.eprocure.gov.bd web portal.
19/5/24
(Moss. Nazma Akther)
Secretary, NCTB
Phone: 2233-85644
Email: secretary@nctb.gov.bd
জি-১০৮৩/২৪ (৫৩*৫) ৩
